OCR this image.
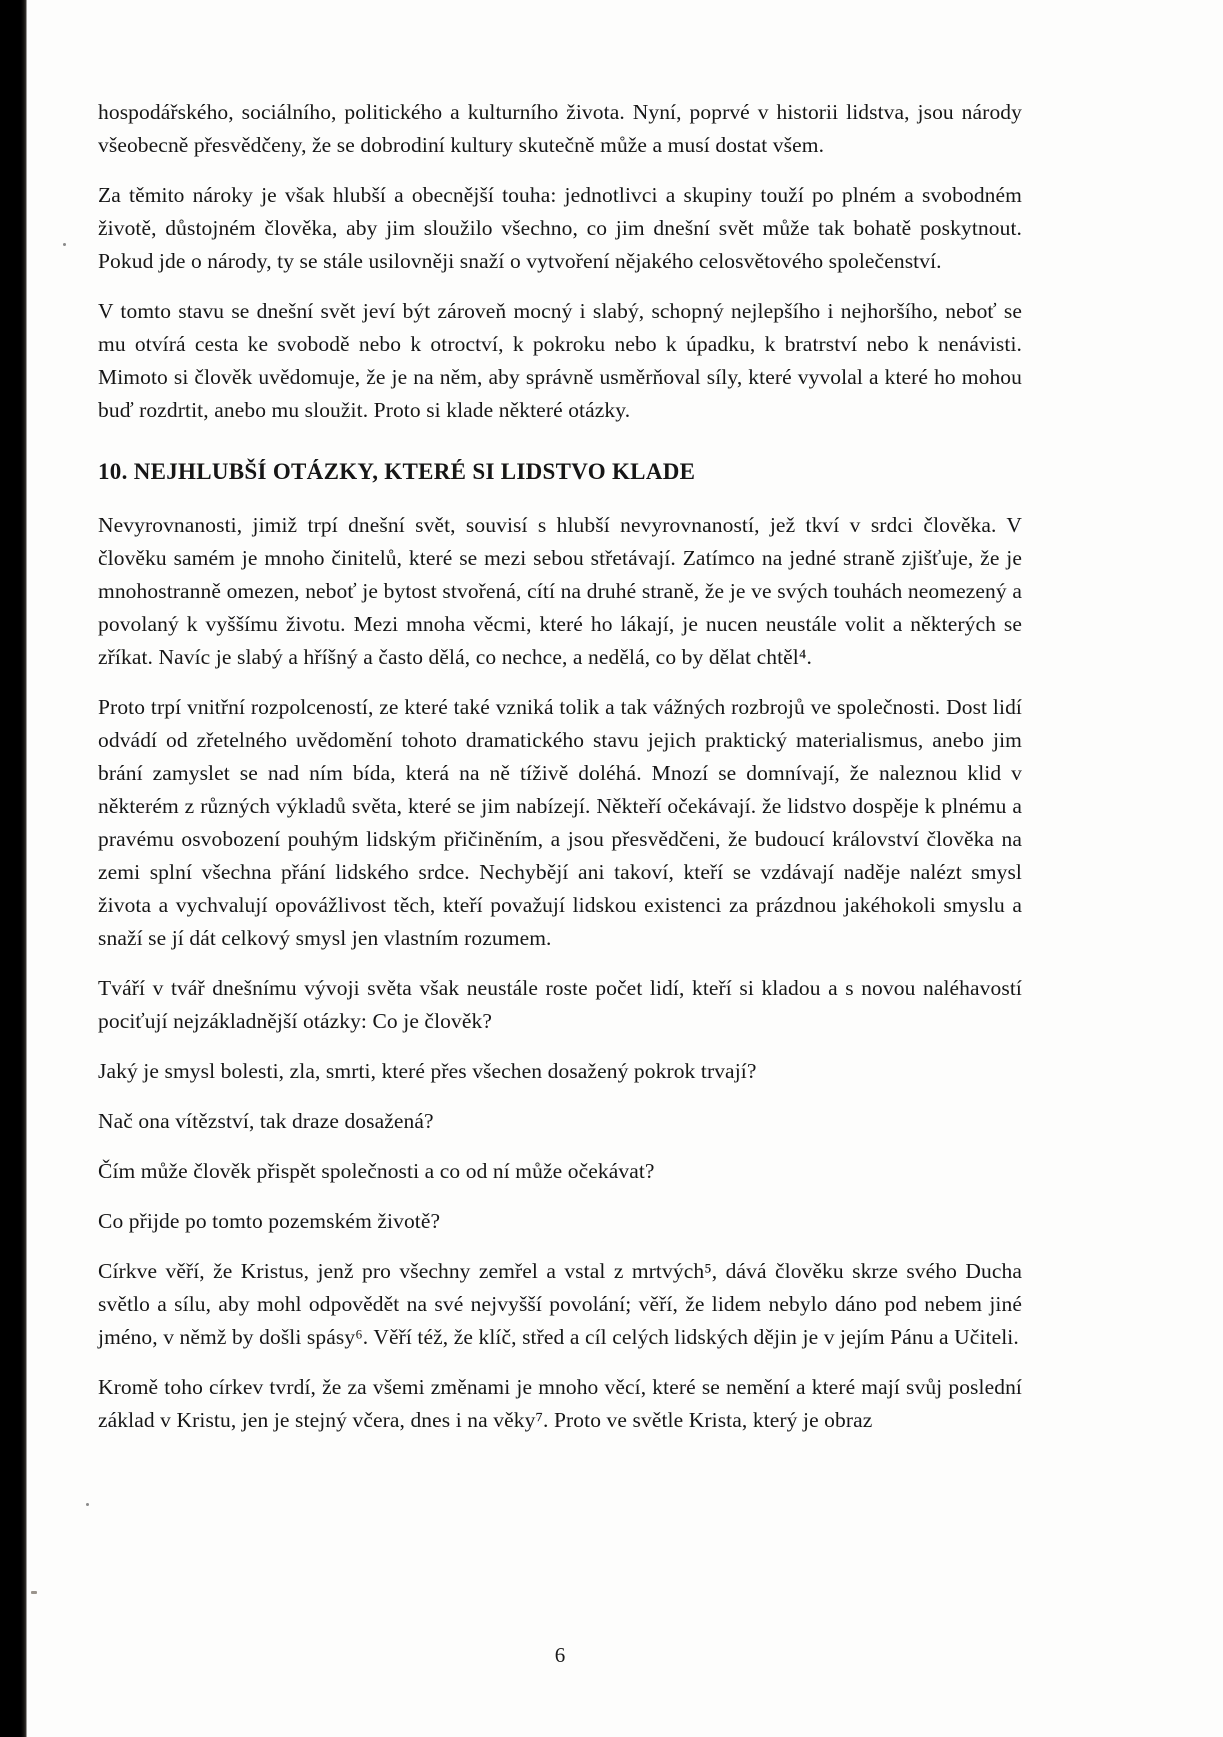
hospodářského, sociálního, politického a kulturního života. Nyní, poprvé v historii lidstva, jsou národy všeobecně přesvědčeny, že se dobrodiní kultury skutečně může a musí dostat všem.

Za těmito nároky je však hlubší a obecnější touha: jednotlivci a skupiny touží po plném a svobodném životě, důstojném člověka, aby jim sloužilo všechno, co jim dnešní svět může tak bohatě poskytnout. Pokud jde o národy, ty se stále usilovněji snaží o vytvoření nějakého celosvětového společenství.

V tomto stavu se dnešní svět jeví být zároveň mocný i slabý, schopný nejlepšího i nejhoršího, neboť se mu otvírá cesta ke svobodě nebo k otroctví, k pokroku nebo k úpadku, k bratrství nebo k nenávisti. Mimoto si člověk uvědomuje, že je na něm, aby správně usměrňoval síly, které vyvolal a které ho mohou buď rozdrtit, anebo mu sloužit. Proto si klade některé otázky.

10. NEJHLUBŠÍ OTÁZKY, KTERÉ SI LIDSTVO KLADE

Nevyrovnanosti, jimiž trpí dnešní svět, souvisí s hlubší nevyrovnaností, jež tkví v srdci člověka. V člověku samém je mnoho činitelů, které se mezi sebou střetávají. Zatímco na jedné straně zjišťuje, že je mnohostranně omezen, neboť je bytost stvořená, cítí na druhé straně, že je ve svých touhách neomezený a povolaný k vyššímu životu. Mezi mnoha věcmi, které ho lákají, je nucen neustále volit a některých se zříkat. Navíc je slabý a hříšný a často dělá, co nechce, a nedělá, co by dělat chtěl⁴.

Proto trpí vnitřní rozpolceností, ze které také vzniká tolik a tak vážných rozbrojů ve společnosti. Dost lidí odvádí od zřetelného uvědomění tohoto dramatického stavu jejich praktický materialismus, anebo jim brání zamyslet se nad ním bída, která na ně tíživě doléhá. Mnozí se domnívají, že naleznou klid v některém z různých výkladů světa, které se jim nabízejí. Někteří očekávají. že lidstvo dospěje k plnému a pravému osvobození pouhým lidským přičiněním, a jsou přesvědčeni, že budoucí království člověka na zemi splní všechna přání lidského srdce. Nechybějí ani takoví, kteří se vzdávají naděje nalézt smysl života a vychvalují opovážlivost těch, kteří považují lidskou existenci za prázdnou jakéhokoli smyslu a snaží se jí dát celkový smysl jen vlastním rozumem.

Tváří v tvář dnešnímu vývoji světa však neustále roste počet lidí, kteří si kladou a s novou naléhavostí pociťují nejzákladnější otázky: Co je člověk?

Jaký je smysl bolesti, zla, smrti, které přes všechen dosažený pokrok trvají?

Nač ona vítězství, tak draze dosažená?

Čím může člověk přispět společnosti a co od ní může očekávat?

Co přijde po tomto pozemském životě?

Církve věří, že Kristus, jenž pro všechny zemřel a vstal z mrtvých⁵, dává člověku skrze svého Ducha světlo a sílu, aby mohl odpovědět na své nejvyšší povolání; věří, že lidem nebylo dáno pod nebem jiné jméno, v němž by došli spásy⁶. Věří též, že klíč, střed a cíl celých lidských dějin je v jejím Pánu a Učiteli.

Kromě toho církev tvrdí, že za všemi změnami je mnoho věcí, které se nemění a které mají svůj poslední základ v Kristu, jen je stejný včera, dnes i na věky⁷. Proto ve světle Krista, který je obraz

6
